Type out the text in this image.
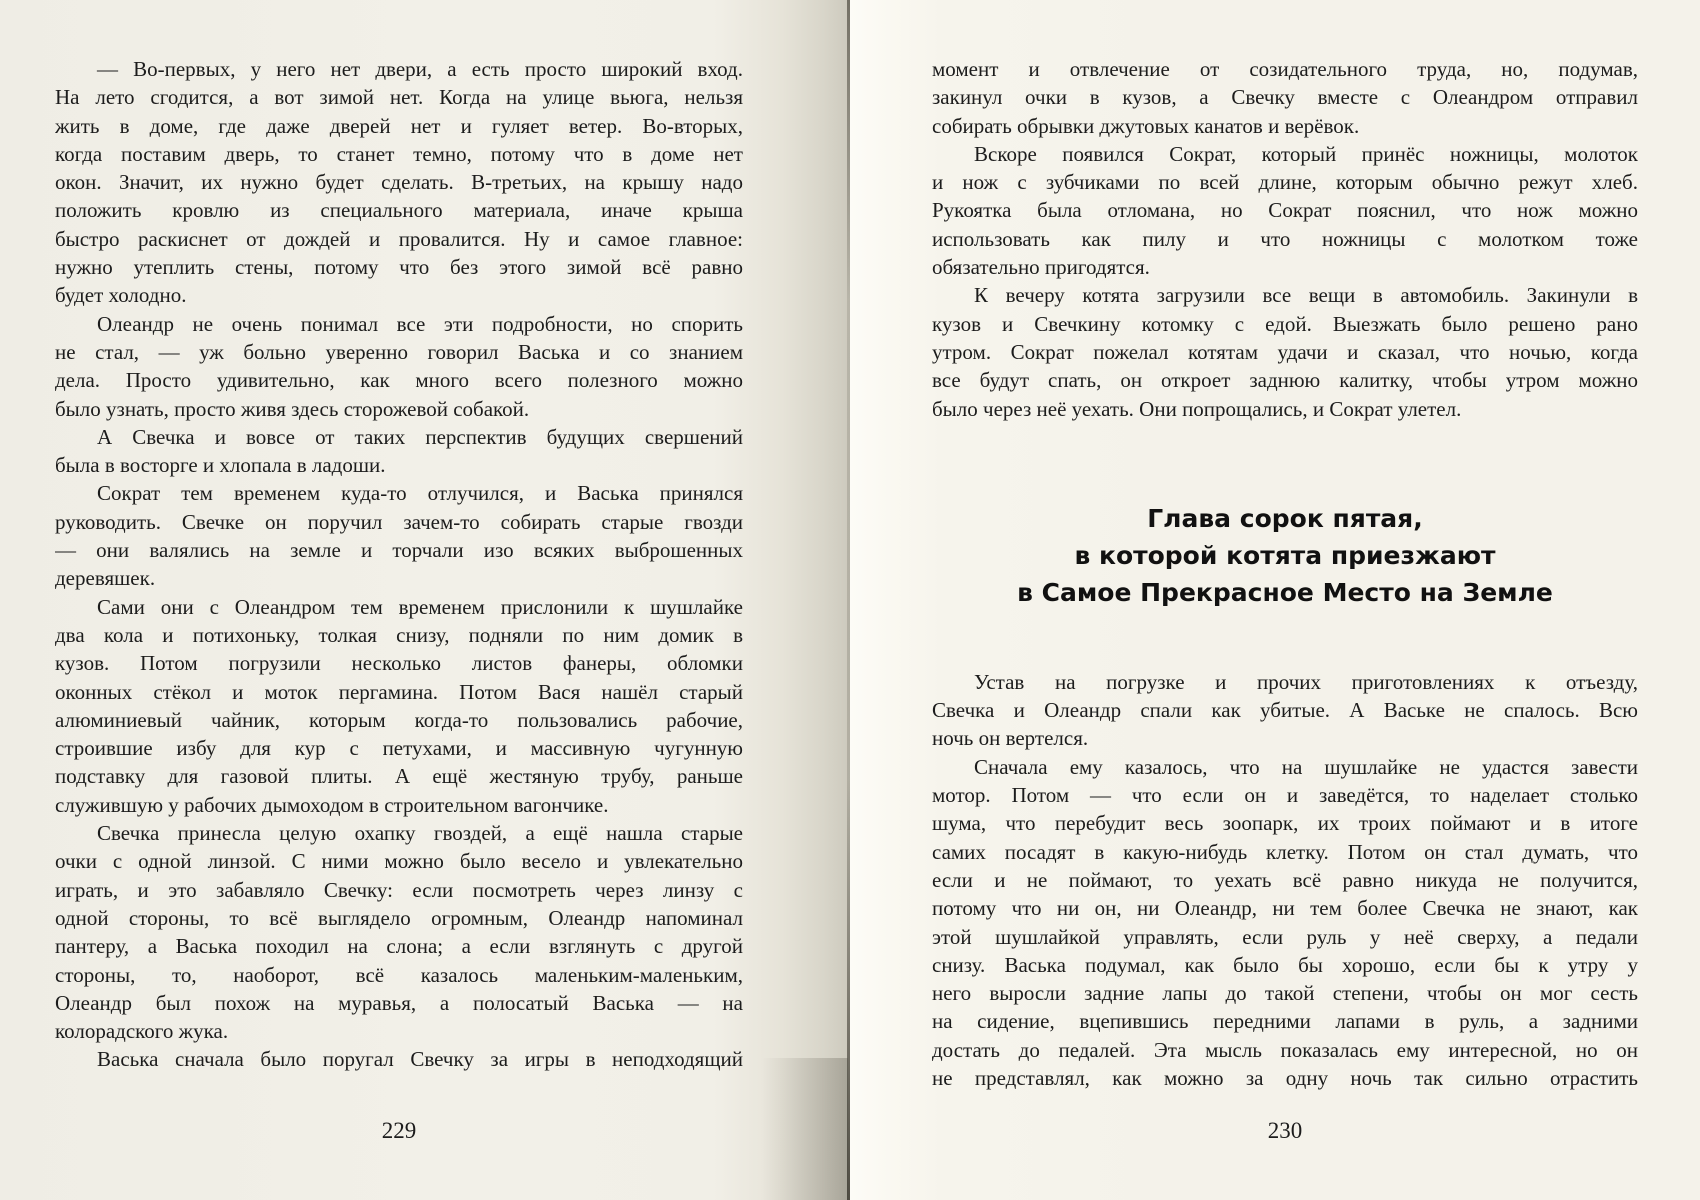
— Во-первых, у него нет двери, а есть просто широкий вход.
На лето сгодится, а вот зимой нет. Когда на улице вьюга, нельзя
жить в доме, где даже дверей нет и гуляет ветер. Во-вторых,
когда поставим дверь, то станет темно, потому что в доме нет
окон. Значит, их нужно будет сделать. В-третьих, на крышу надо
положить кровлю из специального материала, иначе крыша
быстро раскиснет от дождей и провалится. Ну и самое главное:
нужно утеплить стены, потому что без этого зимой всё равно
будет холодно.
Олеандр не очень понимал все эти подробности, но спорить
не стал, — уж больно уверенно говорил Васька и со знанием
дела. Просто удивительно, как много всего полезного можно
было узнать, просто живя здесь сторожевой собакой.
А Свечка и вовсе от таких перспектив будущих свершений
была в восторге и хлопала в ладоши.
Сократ тем временем куда-то отлучился, и Васька принялся
руководить. Свечке он поручил зачем-то собирать старые гвозди
— они валялись на земле и торчали изо всяких выброшенных
деревяшек.
Сами они с Олеандром тем временем прислонили к шушлайке
два кола и потихоньку, толкая снизу, подняли по ним домик в
кузов. Потом погрузили несколько листов фанеры, обломки
оконных стёкол и моток пергамина. Потом Вася нашёл старый
алюминиевый чайник, которым когда-то пользовались рабочие,
строившие избу для кур с петухами, и массивную чугунную
подставку для газовой плиты. А ещё жестяную трубу, раньше
служившую у рабочих дымоходом в строительном вагончике.
Свечка принесла целую охапку гвоздей, а ещё нашла старые
очки с одной линзой. С ними можно было весело и увлекательно
играть, и это забавляло Свечку: если посмотреть через линзу с
одной стороны, то всё выглядело огромным, Олеандр напоминал
пантеру, а Васька походил на слона; а если взглянуть с другой
стороны, то, наоборот, всё казалось маленьким-маленьким,
Олеандр был похож на муравья, а полосатый Васька — на
колорадского жука.
Васька сначала было поругал Свечку за игры в неподходящий
момент и отвлечение от созидательного труда, но, подумав,
закинул очки в кузов, а Свечку вместе с Олеандром отправил
собирать обрывки джутовых канатов и верёвок.
Вскоре появился Сократ, который принёс ножницы, молоток
и нож с зубчиками по всей длине, которым обычно режут хлеб.
Рукоятка была отломана, но Сократ пояснил, что нож можно
использовать как пилу и что ножницы с молотком тоже
обязательно пригодятся.
К вечеру котята загрузили все вещи в автомобиль. Закинули в
кузов и Свечкину котомку с едой. Выезжать было решено рано
утром. Сократ пожелал котятам удачи и сказал, что ночью, когда
все будут спать, он откроет заднюю калитку, чтобы утром можно
было через неё уехать. Они попрощались, и Сократ улетел.
Глава сорок пятая,
в которой котята приезжают
в Самое Прекрасное Место на Земле
Устав на погрузке и прочих приготовлениях к отъезду,
Свечка и Олеандр спали как убитые. А Ваське не спалось. Всю
ночь он вертелся.
Сначала ему казалось, что на шушлайке не удастся завести
мотор. Потом — что если он и заведётся, то наделает столько
шума, что перебудит весь зоопарк, их троих поймают и в итоге
самих посадят в какую-нибудь клетку. Потом он стал думать, что
если и не поймают, то уехать всё равно никуда не получится,
потому что ни он, ни Олеандр, ни тем более Свечка не знают, как
этой шушлайкой управлять, если руль у неё сверху, а педали
снизу. Васька подумал, как было бы хорошо, если бы к утру у
него выросли задние лапы до такой степени, чтобы он мог сесть
на сидение, вцепившись передними лапами в руль, а задними
достать до педалей. Эта мысль показалась ему интересной, но он
не представлял, как можно за одну ночь так сильно отрастить
229	230
